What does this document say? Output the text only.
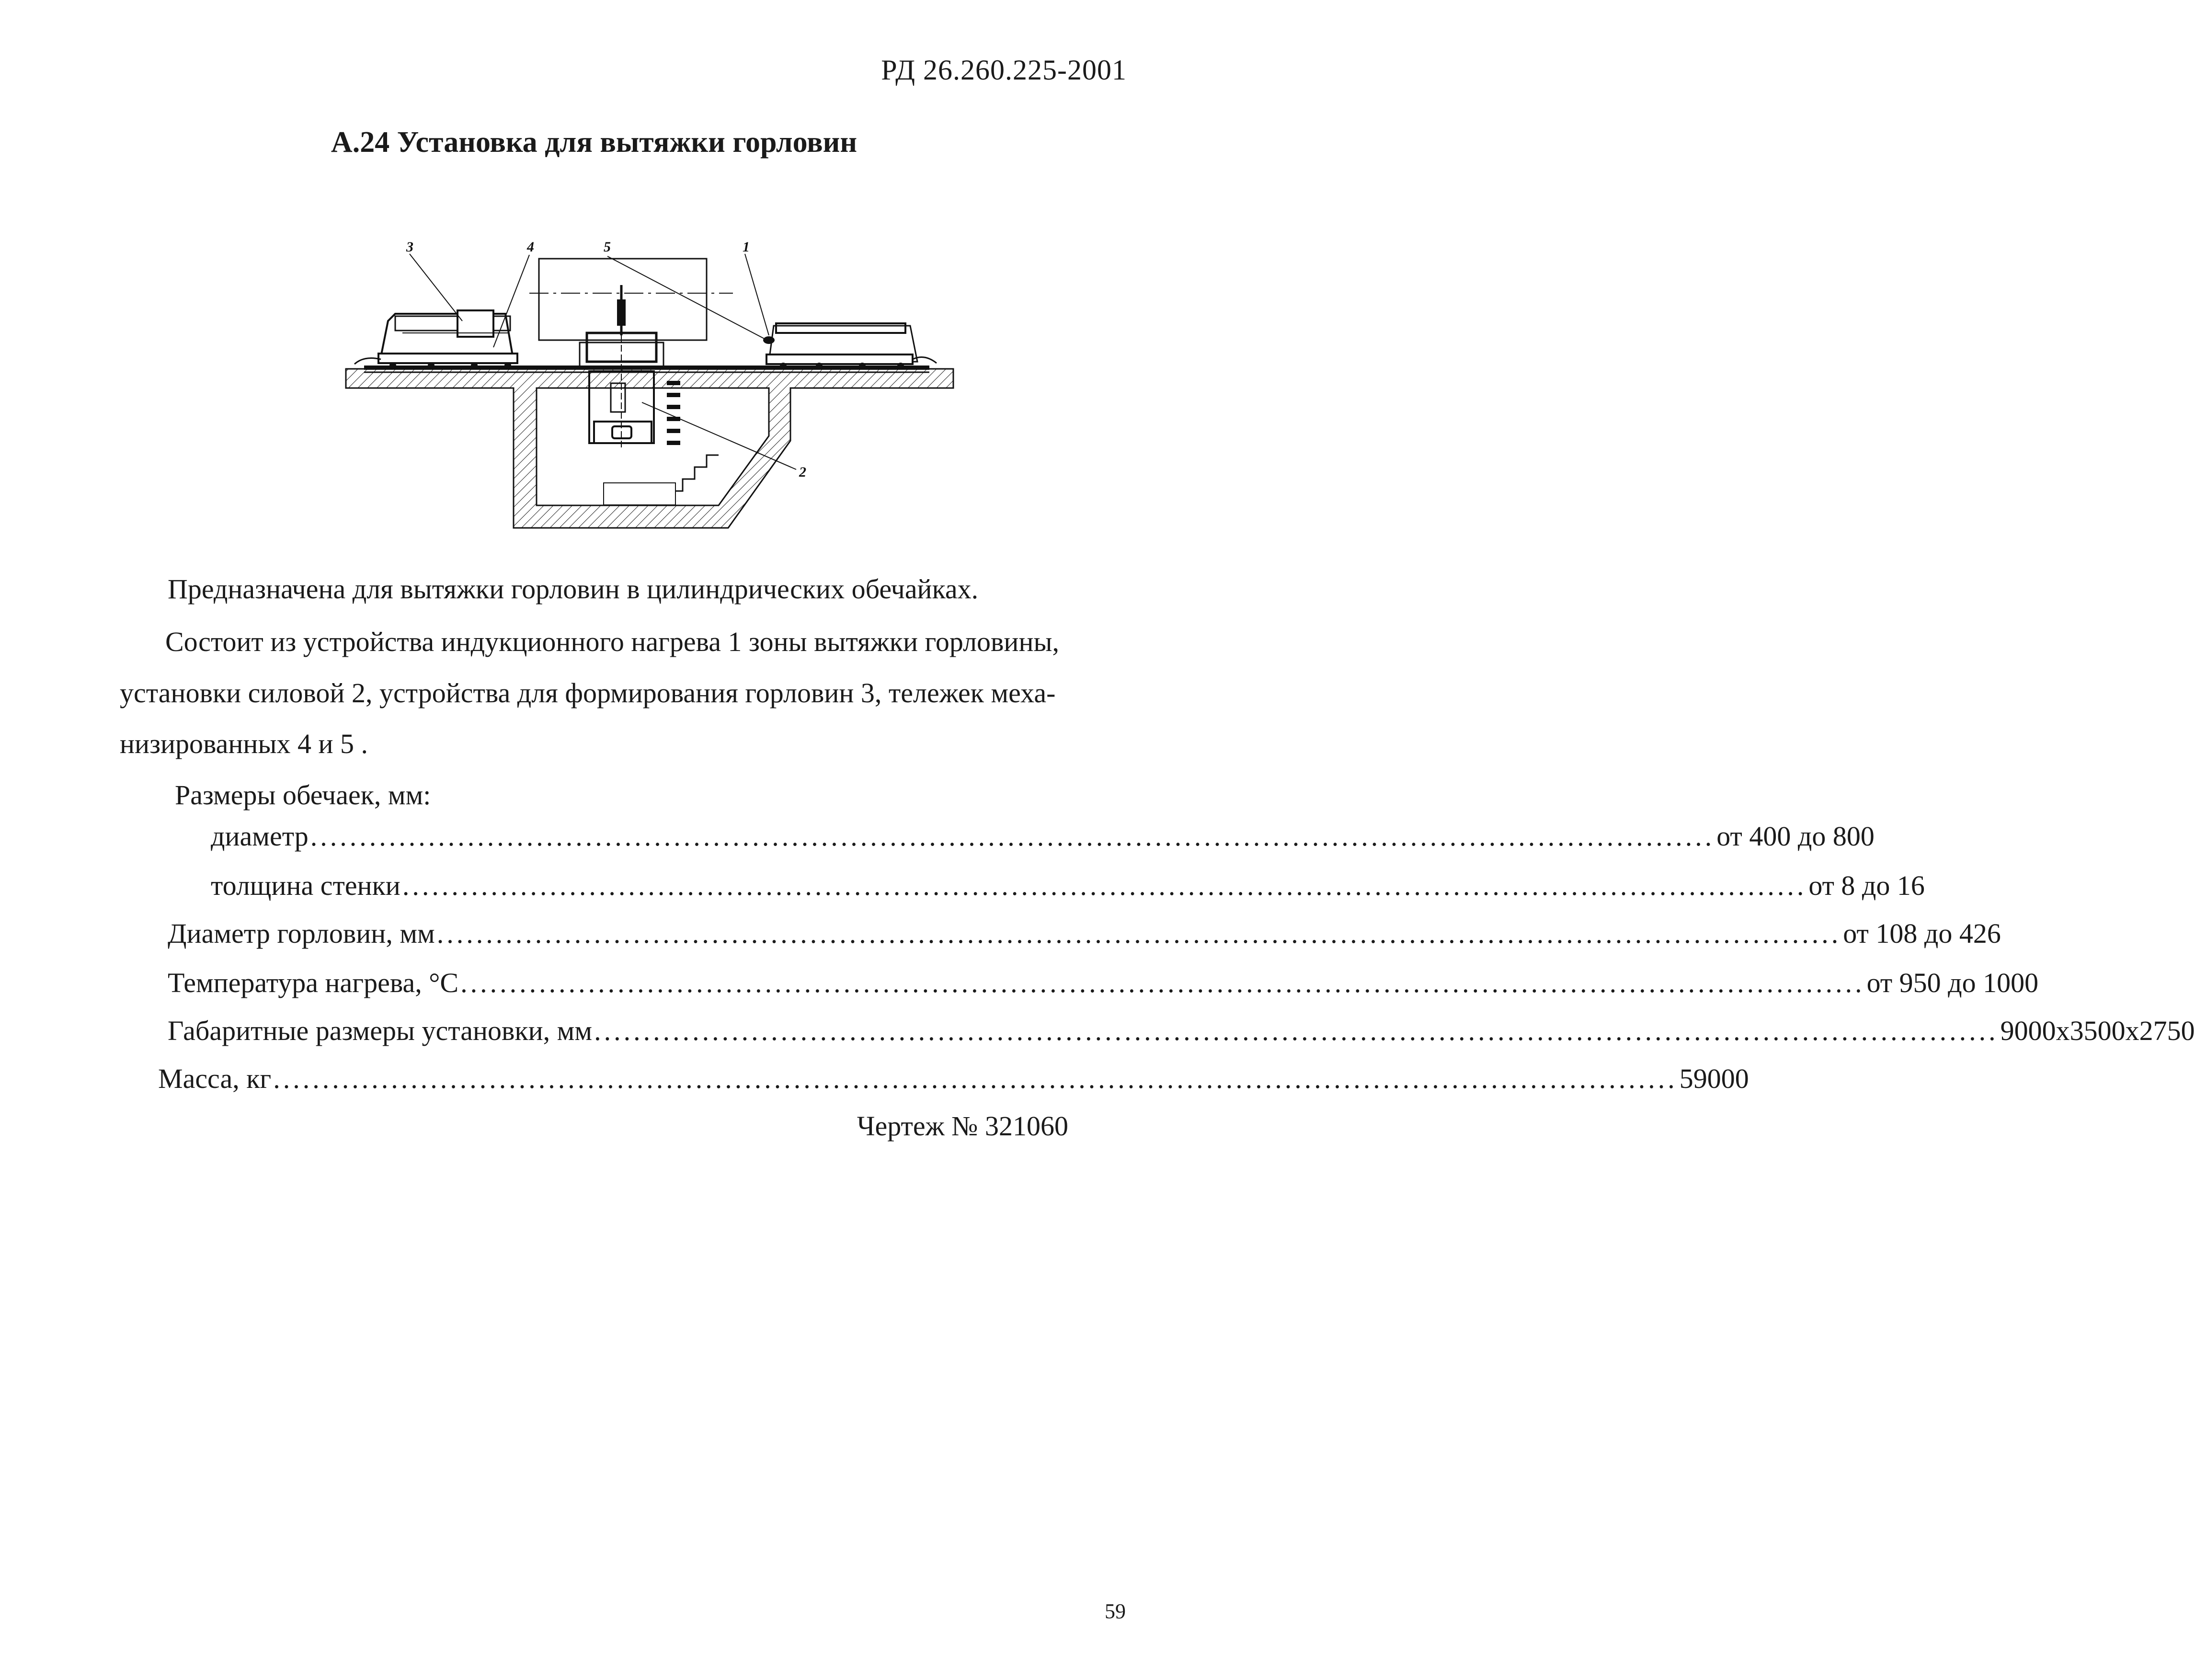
РД 26.260.225-2001
А.24 Установка для вытяжки горловин
3	4	5	1
2
Предназначена для вытяжки горловин в цилиндрических обечайках.
Состоит из устройства индукционного нагрева 1 зоны вытяжки горловины,
установки силовой 2, устройства для формирования горловин 3, тележек меха-
низированных 4 и 5 .
Размеры обечаек, мм:
диаметр ............................................................................................................................................... от 400 до 800
толщина стенки ............................................................................................................................................... от 8 до 16
Диаметр горловин, мм ............................................................................................................................................... от 108 до 426
Температура нагрева, °С ............................................................................................................................................... от 950 до 1000
Габаритные размеры установки, мм ............................................................................................................................................... 9000х3500х2750
Масса, кг ............................................................................................................................................... 59000
Чертеж № 321060
59
